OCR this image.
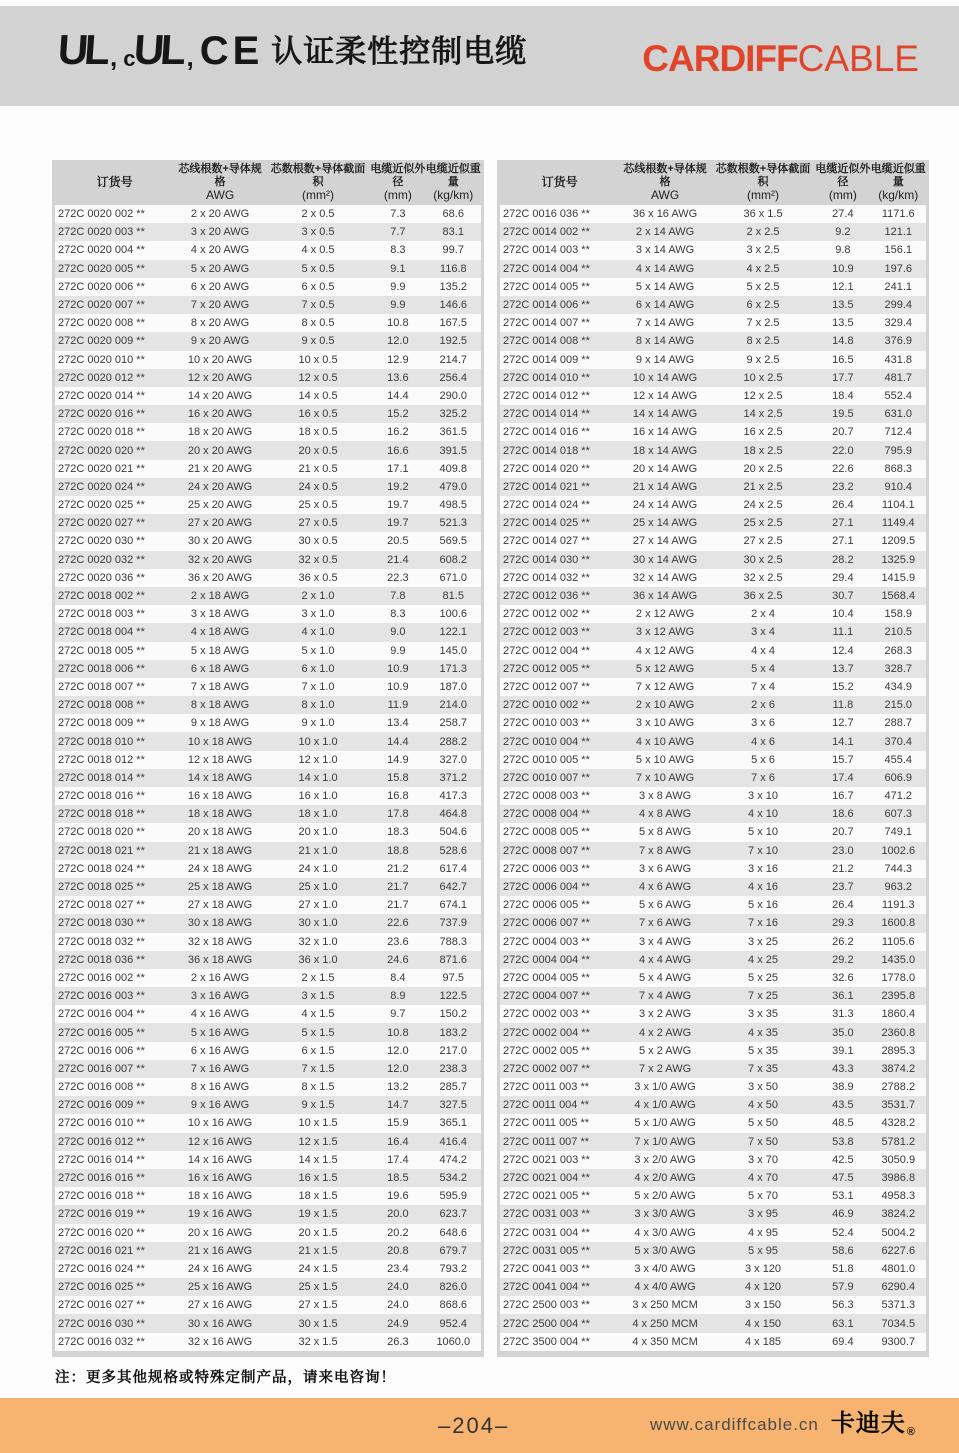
UL , c
UL , CE 认证柔性控制电缆	CARDIFFCABLE
订货号
芯线根数+导体规格
AWG
芯数根数+导体截面积
(mm²)
电缆近似外径
(mm)
电缆近似重量
(kg/km)
272C 0020 002 **	2 x 20 AWG	2 x 0.5	7.3	68.6
272C 0020 003 **	3 x 20 AWG	3 x 0.5	7.7	83.1
272C 0020 004 **	4 x 20 AWG	4 x 0.5	8.3	99.7
272C 0020 005 **	5 x 20 AWG	5 x 0.5	9.1	116.8
272C 0020 006 **	6 x 20 AWG	6 x 0.5	9.9	135.2
272C 0020 007 **	7 x 20 AWG	7 x 0.5	9.9	146.6
272C 0020 008 **	8 x 20 AWG	8 x 0.5	10.8	167.5
272C 0020 009 **	9 x 20 AWG	9 x 0.5	12.0	192.5
272C 0020 010 **	10 x 20 AWG	10 x 0.5	12.9	214.7
272C 0020 012 **	12 x 20 AWG	12 x 0.5	13.6	256.4
272C 0020 014 **	14 x 20 AWG	14 x 0.5	14.4	290.0
272C 0020 016 **	16 x 20 AWG	16 x 0.5	15.2	325.2
272C 0020 018 **	18 x 20 AWG	18 x 0.5	16.2	361.5
272C 0020 020 **	20 x 20 AWG	20 x 0.5	16.6	391.5
272C 0020 021 **	21 x 20 AWG	21 x 0.5	17.1	409.8
272C 0020 024 **	24 x 20 AWG	24 x 0.5	19.2	479.0
272C 0020 025 **	25 x 20 AWG	25 x 0.5	19.7	498.5
272C 0020 027 **	27 x 20 AWG	27 x 0.5	19.7	521.3
272C 0020 030 **	30 x 20 AWG	30 x 0.5	20.5	569.5
272C 0020 032 **	32 x 20 AWG	32 x 0.5	21.4	608.2
272C 0020 036 **	36 x 20 AWG	36 x 0.5	22.3	671.0
272C 0018 002 **	2 x 18 AWG	2 x 1.0	7.8	81.5
272C 0018 003 **	3 x 18 AWG	3 x 1.0	8.3	100.6
272C 0018 004 **	4 x 18 AWG	4 x 1.0	9.0	122.1
272C 0018 005 **	5 x 18 AWG	5 x 1.0	9.9	145.0
272C 0018 006 **	6 x 18 AWG	6 x 1.0	10.9	171.3
272C 0018 007 **	7 x 18 AWG	7 x 1.0	10.9	187.0
272C 0018 008 **	8 x 18 AWG	8 x 1.0	11.9	214.0
272C 0018 009 **	9 x 18 AWG	9 x 1.0	13.4	258.7
272C 0018 010 **	10 x 18 AWG	10 x 1.0	14.4	288.2
272C 0018 012 **	12 x 18 AWG	12 x 1.0	14.9	327.0
272C 0018 014 **	14 x 18 AWG	14 x 1.0	15.8	371.2
272C 0018 016 **	16 x 18 AWG	16 x 1.0	16.8	417.3
272C 0018 018 **	18 x 18 AWG	18 x 1.0	17.8	464.8
272C 0018 020 **	20 x 18 AWG	20 x 1.0	18.3	504.6
272C 0018 021 **	21 x 18 AWG	21 x 1.0	18.8	528.6
272C 0018 024 **	24 x 18 AWG	24 x 1.0	21.2	617.4
272C 0018 025 **	25 x 18 AWG	25 x 1.0	21.7	642.7
272C 0018 027 **	27 x 18 AWG	27 x 1.0	21.7	674.1
272C 0018 030 **	30 x 18 AWG	30 x 1.0	22.6	737.9
272C 0018 032 **	32 x 18 AWG	32 x 1.0	23.6	788.3
272C 0018 036 **	36 x 18 AWG	36 x 1.0	24.6	871.6
272C 0016 002 **	2 x 16 AWG	2 x 1.5	8.4	97.5
272C 0016 003 **	3 x 16 AWG	3 x 1.5	8.9	122.5
272C 0016 004 **	4 x 16 AWG	4 x 1.5	9.7	150.2
272C 0016 005 **	5 x 16 AWG	5 x 1.5	10.8	183.2
272C 0016 006 **	6 x 16 AWG	6 x 1.5	12.0	217.0
272C 0016 007 **	7 x 16 AWG	7 x 1.5	12.0	238.3
272C 0016 008 **	8 x 16 AWG	8 x 1.5	13.2	285.7
272C 0016 009 **	9 x 16 AWG	9 x 1.5	14.7	327.5
272C 0016 010 **	10 x 16 AWG	10 x 1.5	15.9	365.1
272C 0016 012 **	12 x 16 AWG	12 x 1.5	16.4	416.4
272C 0016 014 **	14 x 16 AWG	14 x 1.5	17.4	474.2
272C 0016 016 **	16 x 16 AWG	16 x 1.5	18.5	534.2
272C 0016 018 **	18 x 16 AWG	18 x 1.5	19.6	595.9
272C 0016 019 **	19 x 16 AWG	19 x 1.5	20.0	623.7
272C 0016 020 **	20 x 16 AWG	20 x 1.5	20.2	648.6
272C 0016 021 **	21 x 16 AWG	21 x 1.5	20.8	679.7
272C 0016 024 **	24 x 16 AWG	24 x 1.5	23.4	793.2
272C 0016 025 **	25 x 16 AWG	25 x 1.5	24.0	826.0
272C 0016 027 **	27 x 16 AWG	27 x 1.5	24.0	868.6
272C 0016 030 **	30 x 16 AWG	30 x 1.5	24.9	952.4
272C 0016 032 **	32 x 16 AWG	32 x 1.5	26.3	1060.0
订货号
芯线根数+导体规格
AWG
芯数根数+导体截面积
(mm²)
电缆近似外径
(mm)
电缆近似重量
(kg/km)
272C 0016 036 **	36 x 16 AWG	36 x 1.5	27.4	1171.6
272C 0014 002 **	2 x 14 AWG	2 x 2.5	9.2	121.1
272C 0014 003 **	3 x 14 AWG	3 x 2.5	9.8	156.1
272C 0014 004 **	4 x 14 AWG	4 x 2.5	10.9	197.6
272C 0014 005 **	5 x 14 AWG	5 x 2.5	12.1	241.1
272C 0014 006 **	6 x 14 AWG	6 x 2.5	13.5	299.4
272C 0014 007 **	7 x 14 AWG	7 x 2.5	13.5	329.4
272C 0014 008 **	8 x 14 AWG	8 x 2.5	14.8	376.9
272C 0014 009 **	9 x 14 AWG	9 x 2.5	16.5	431.8
272C 0014 010 **	10 x 14 AWG	10 x 2.5	17.7	481.7
272C 0014 012 **	12 x 14 AWG	12 x 2.5	18.4	552.4
272C 0014 014 **	14 x 14 AWG	14 x 2.5	19.5	631.0
272C 0014 016 **	16 x 14 AWG	16 x 2.5	20.7	712.4
272C 0014 018 **	18 x 14 AWG	18 x 2.5	22.0	795.9
272C 0014 020 **	20 x 14 AWG	20 x 2.5	22.6	868.3
272C 0014 021 **	21 x 14 AWG	21 x 2.5	23.2	910.4
272C 0014 024 **	24 x 14 AWG	24 x 2.5	26.4	1104.1
272C 0014 025 **	25 x 14 AWG	25 x 2.5	27.1	1149.4
272C 0014 027 **	27 x 14 AWG	27 x 2.5	27.1	1209.5
272C 0014 030 **	30 x 14 AWG	30 x 2.5	28.2	1325.9
272C 0014 032 **	32 x 14 AWG	32 x 2.5	29.4	1415.9
272C 0012 036 **	36 x 14 AWG	36 x 2.5	30.7	1568.4
272C 0012 002 **	2 x 12 AWG	2 x 4	10.4	158.9
272C 0012 003 **	3 x 12 AWG	3 x 4	11.1	210.5
272C 0012 004 **	4 x 12 AWG	4 x 4	12.4	268.3
272C 0012 005 **	5 x 12 AWG	5 x 4	13.7	328.7
272C 0012 007 **	7 x 12 AWG	7 x 4	15.2	434.9
272C 0010 002 **	2 x 10 AWG	2 x 6	11.8	215.0
272C 0010 003 **	3 x 10 AWG	3 x 6	12.7	288.7
272C 0010 004 **	4 x 10 AWG	4 x 6	14.1	370.4
272C 0010 005 **	5 x 10 AWG	5 x 6	15.7	455.4
272C 0010 007 **	7 x 10 AWG	7 x 6	17.4	606.9
272C 0008 003 **	3 x 8 AWG	3 x 10	16.7	471.2
272C 0008 004 **	4 x 8 AWG	4 x 10	18.6	607.3
272C 0008 005 **	5 x 8 AWG	5 x 10	20.7	749.1
272C 0008 007 **	7 x 8 AWG	7 x 10	23.0	1002.6
272C 0006 003 **	3 x 6 AWG	3 x 16	21.2	744.3
272C 0006 004 **	4 x 6 AWG	4 x 16	23.7	963.2
272C 0006 005 **	5 x 6 AWG	5 x 16	26.4	1191.3
272C 0006 007 **	7 x 6 AWG	7 x 16	29.3	1600.8
272C 0004 003 **	3 x 4 AWG	3 x 25	26.2	1105.6
272C 0004 004 **	4 x 4 AWG	4 x 25	29.2	1435.0
272C 0004 005 **	5 x 4 AWG	5 x 25	32.6	1778.0
272C 0004 007 **	7 x 4 AWG	7 x 25	36.1	2395.8
272C 0002 003 **	3 x 2 AWG	3 x 35	31.3	1860.4
272C 0002 004 **	4 x 2 AWG	4 x 35	35.0	2360.8
272C 0002 005 **	5 x 2 AWG	5 x 35	39.1	2895.3
272C 0002 007 **	7 x 2 AWG	7 x 35	43.3	3874.2
272C 0011 003 **	3 x 1/0 AWG	3 x 50	38.9	2788.2
272C 0011 004 **	4 x 1/0 AWG	4 x 50	43.5	3531.7
272C 0011 005 **	5 x 1/0 AWG	5 x 50	48.5	4328.2
272C 0011 007 **	7 x 1/0 AWG	7 x 50	53.8	5781.2
272C 0021 003 **	3 x 2/0 AWG	3 x 70	42.5	3050.9
272C 0021 004 **	4 x 2/0 AWG	4 x 70	47.5	3986.8
272C 0021 005 **	5 x 2/0 AWG	5 x 70	53.1	4958.3
272C 0031 003 **	3 x 3/0 AWG	3 x 95	46.9	3824.2
272C 0031 004 **	4 x 3/0 AWG	4 x 95	52.4	5004.2
272C 0031 005 **	5 x 3/0 AWG	5 x 95	58.6	6227.6
272C 0041 003 **	3 x 4/0 AWG	3 x 120	51.8	4801.0
272C 0041 004 **	4 x 4/0 AWG	4 x 120	57.9	6290.4
272C 2500 003 **	3 x 250 MCM	3 x 150	56.3	5371.3
272C 2500 004 **	4 x 250 MCM	4 x 150	63.1	7034.5
272C 3500 004 **	4 x 350 MCM	4 x 185	69.4	9300.7
注：更多其他规格或特殊定制产品，请来电咨询！
–204–	www.cardiffcable.cn 卡迪夫 ®
